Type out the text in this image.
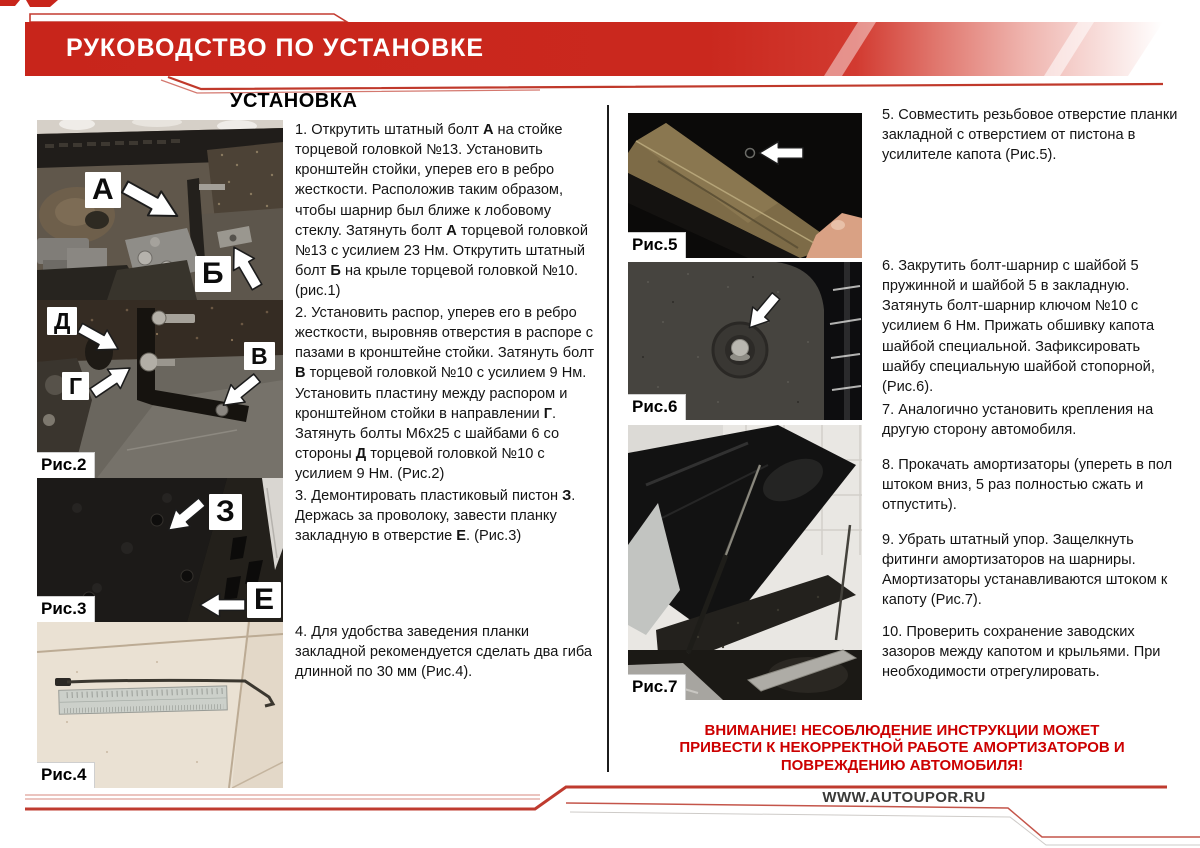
РУКОВОДСТВО ПО УСТАНОВКЕ
УСТАНОВКА
А
Б
Д
Г
В
Рис.2
З
Е
Рис.3
Рис.4
Рис.5
Рис.6
Рис.7
1. Открутить штатный болт А на стойке торцевой головкой №13. Установить кронштейн стойки, уперев его в ребро жесткости. Расположив таким образом, чтобы шарнир был ближе к лобовому стеклу. Затянуть болт А торцевой головкой №13 с усилием 23 Нм. Открутить штатный болт Б на крыле торцевой головкой №10. (рис.1)
2. Установить распор, уперев его в ребро жесткости, выровняв отверстия в распоре с пазами в кронштейне стойки. Затянуть болт В торцевой головкой №10 с усилием 9 Нм. Установить пластину между распором и кронштейном стойки в направлении Г. Затянуть болты М6х25 с шайбами 6 со стороны Д торцевой головкой №10 с усилием 9 Нм. (Рис.2)
3. Демонтировать пластиковый пистон З. Держась за проволоку, завести планку закладную в отверстие Е. (Рис.3)
4. Для удобства заведения планки закладной рекомендуется сделать два гиба длинной по 30 мм (Рис.4).
5. Совместить резьбовое отверстие планки закладной с отверстием от пистона в усилителе капота (Рис.5).
6. Закрутить болт-шарнир с шайбой 5 пружинной и шайбой 5 в закладную. Затянуть болт-шарнир ключом №10 с усилием 6 Нм. Прижать обшивку капота шайбой специальной. Зафиксировать шайбу специальную шайбой стопорной, (Рис.6).
7. Аналогично установить крепления на другую сторону автомобиля.
8. Прокачать амортизаторы (упереть в пол штоком вниз, 5 раз полностью сжать и отпустить).
9. Убрать штатный упор. Защелкнуть фитинги амортизаторов на шарниры. Амортизаторы устанавливаются штоком к капоту (Рис.7).
10. Проверить сохранение заводских зазоров между капотом и крыльями. При необходимости отрегулировать.
ВНИМАНИЕ! НЕСОБЛЮДЕНИЕ ИНСТРУКЦИИ МОЖЕТ ПРИВЕСТИ К НЕКОРРЕКТНОЙ РАБОТЕ АМОРТИЗАТОРОВ И ПОВРЕЖДЕНИЮ АВТОМОБИЛЯ!
WWW.AUTOUPOR.RU
